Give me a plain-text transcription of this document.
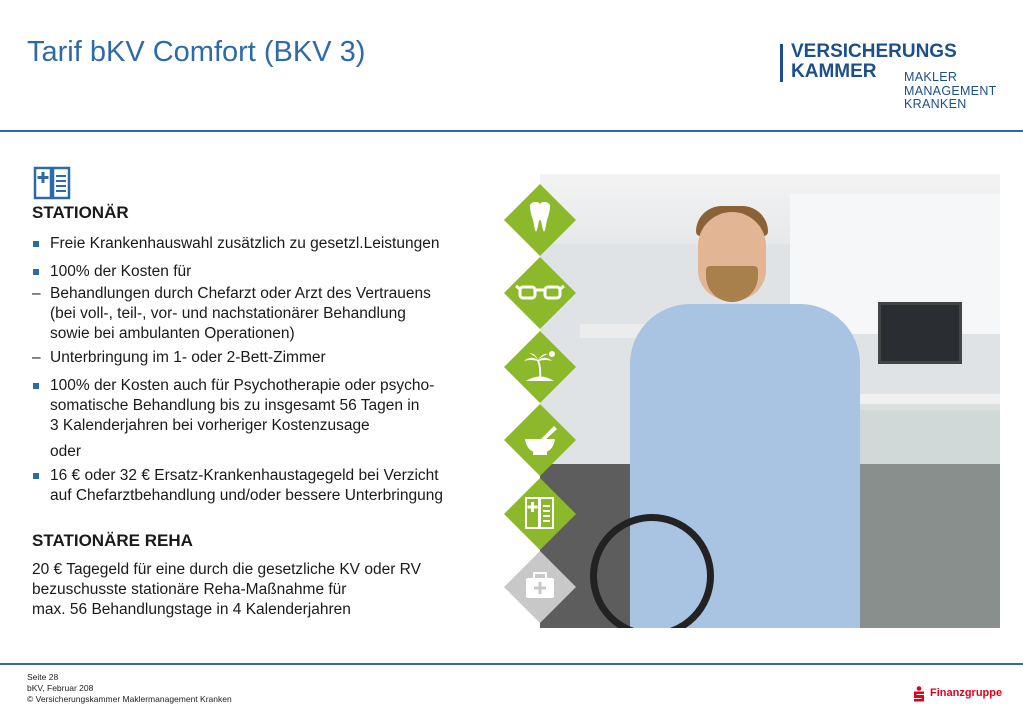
Tarif bKV Comfort (BKV 3)	VERSICHERUNGS
KAMMER	MAKLER
MANAGEMENT
KRANKEN
STATIONÄR
Freie Krankenhauswahl zusätzlich zu gesetzl.Leistungen
100% der Kosten für
– Behandlungen durch Chefarzt oder Arzt des Vertrauens
(bei voll-, teil-, vor- und nachstationärer Behandlung
sowie bei ambulanten Operationen)
– Unterbringung im 1- oder 2-Bett-Zimmer
100% der Kosten auch für Psychotherapie oder psycho-
somatische Behandlung bis zu insgesamt 56 Tagen in
3 Kalenderjahren bei vorheriger Kostenzusage
oder
16 € oder 32 € Ersatz-Krankenhaustagegeld bei Verzicht
auf Chefarztbehandlung und/oder bessere Unterbringung
STATIONÄRE REHA
20 € Tagegeld für eine durch die gesetzliche KV oder RV
bezuschusste stationäre Reha-Maßnahme für
max. 56 Behandlungstage in 4 Kalenderjahren
Seite 28
bKV, Februar 208
© Versicherungskammer Maklermanagement Kranken	Finanzgruppe
